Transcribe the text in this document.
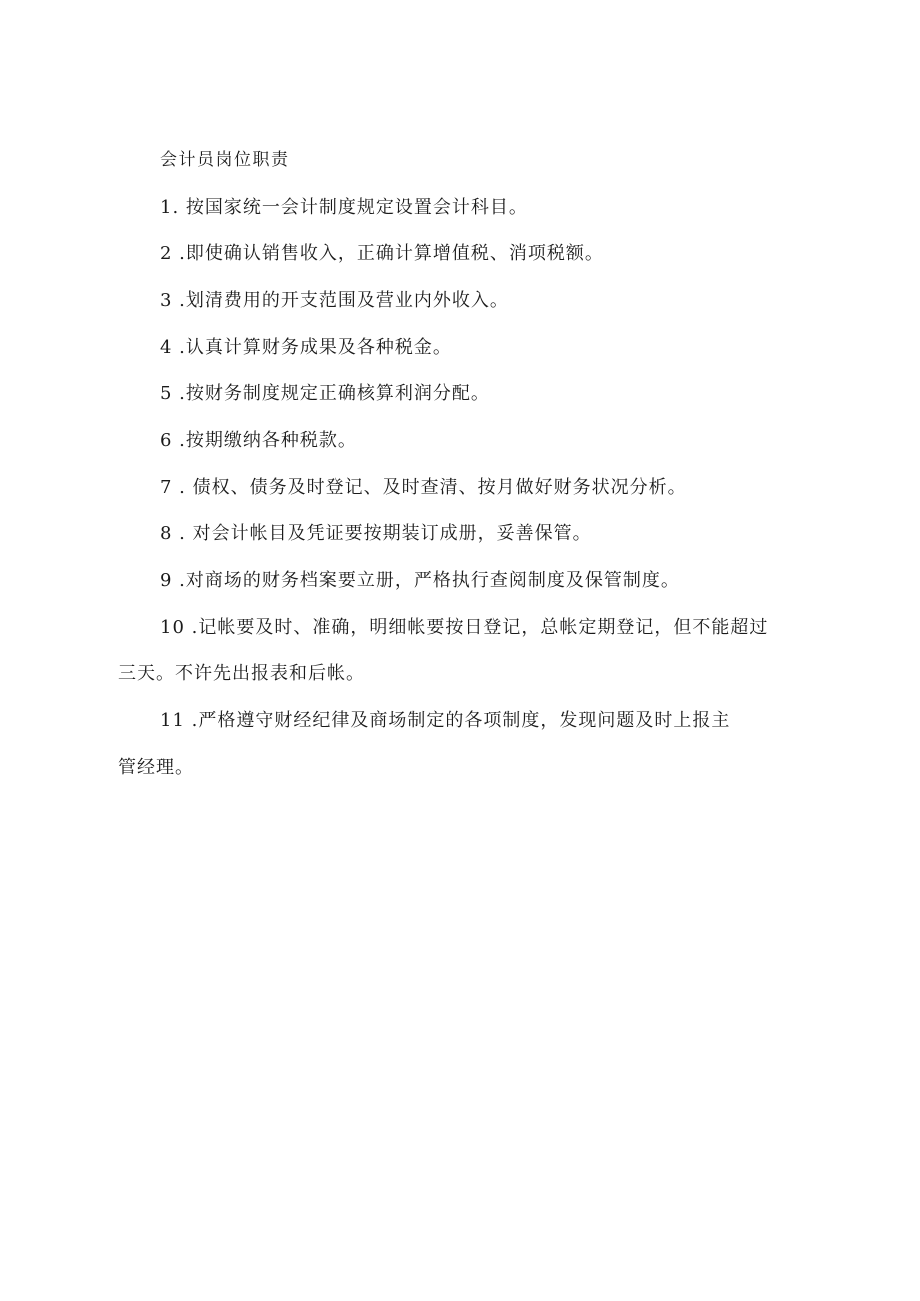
会计员岗位职责
1. 按国家统一会计制度规定设置会计科目。
2 .即使确认销售收入，正确计算增值税、消项税额。
3 .划清费用的开支范围及营业内外收入。
4 .认真计算财务成果及各种税金。
5 .按财务制度规定正确核算利润分配。
6 .按期缴纳各种税款。
7 . 债权、债务及时登记、及时查清、按月做好财务状况分析。
8 . 对会计帐目及凭证要按期装订成册，妥善保管。
9 .对商场的财务档案要立册，严格执行查阅制度及保管制度。
10 .记帐要及时、准确，明细帐要按日登记，总帐定期登记，但不能超过
三天。不许先出报表和后帐。
11 .严格遵守财经纪律及商场制定的各项制度，发现问题及时上报主
管经理。
